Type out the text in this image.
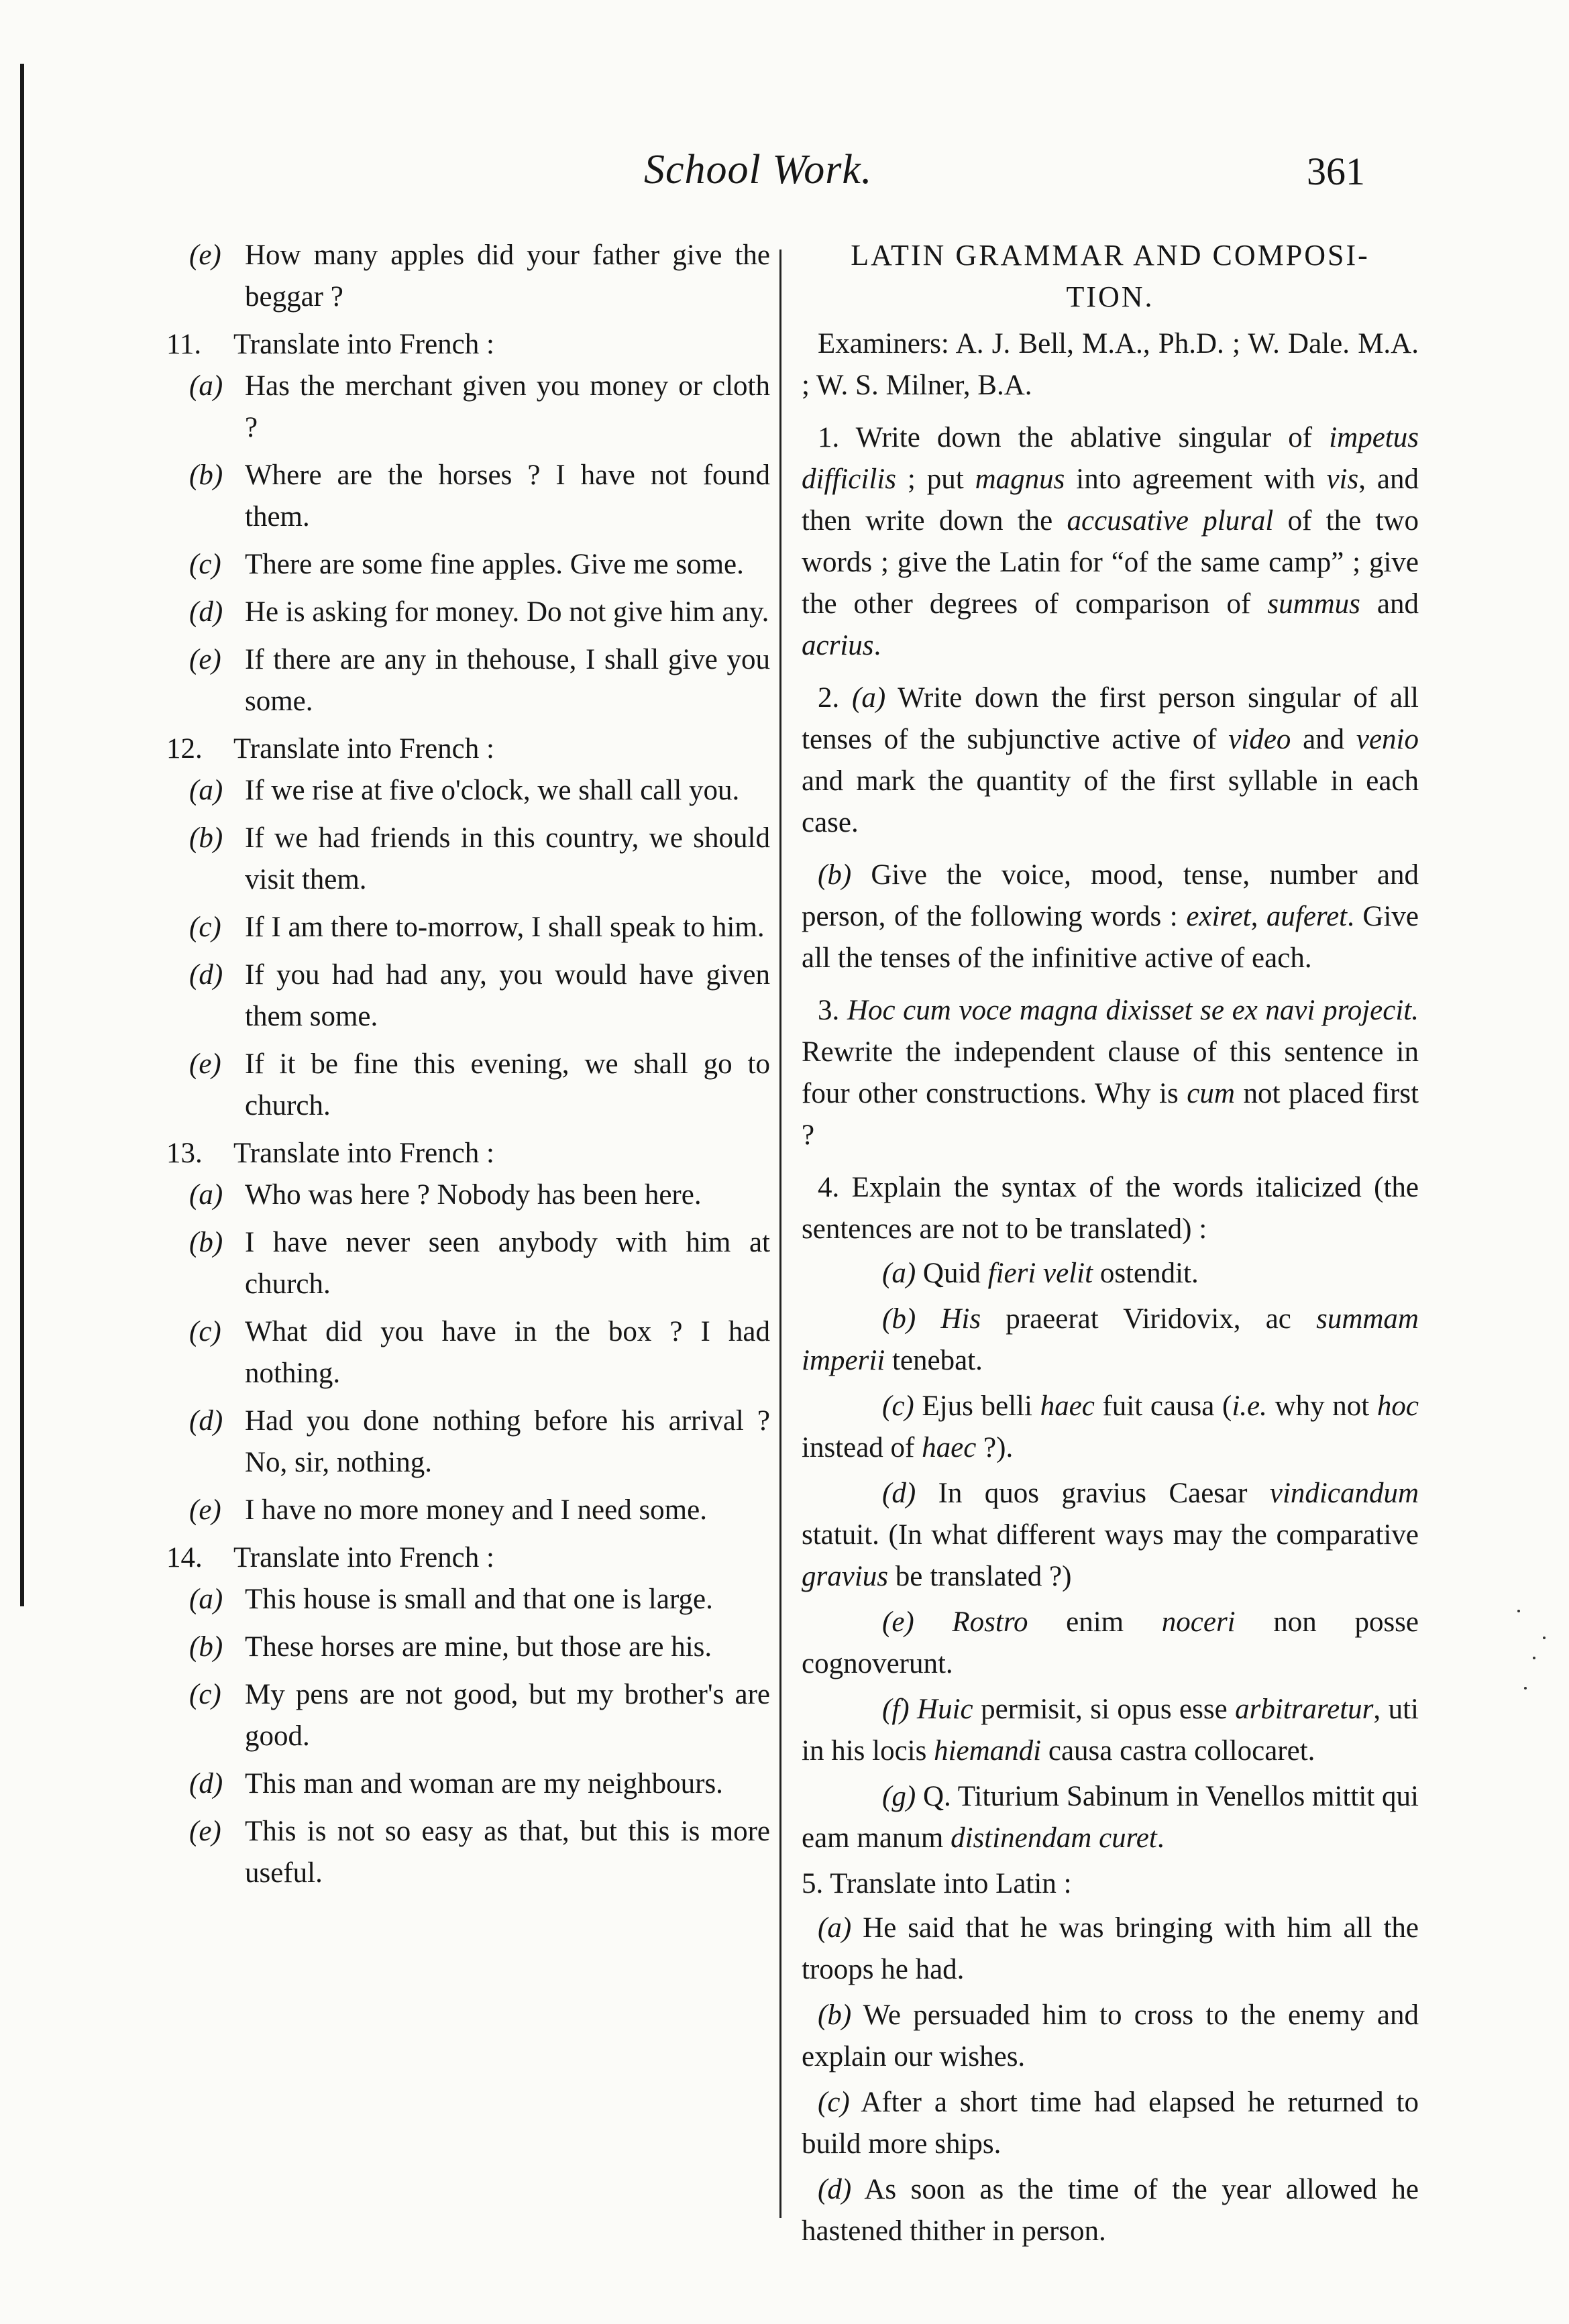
School Work.	361
(e) How many apples did your father give the beggar ?
11. Translate into French :
(a) Has the merchant given you money or cloth ?
(b) Where are the horses ? I have not found them.
(c) There are some fine apples. Give me some.
(d) He is asking for money. Do not give him any.
(e) If there are any in thehouse, I shall give you some.
12. Translate into French :
(a) If we rise at five o'clock, we shall call you.
(b) If we had friends in this country, we should visit them.
(c) If I am there to-morrow, I shall speak to him.
(d) If you had had any, you would have given them some.
(e) If it be fine this evening, we shall go to church.
13. Translate into French :
(a) Who was here ? Nobody has been here.
(b) I have never seen anybody with him at church.
(c) What did you have in the box ? I had nothing.
(d) Had you done nothing before his arrival ? No, sir, nothing.
(e) I have no more money and I need some.
14. Translate into French :
(a) This house is small and that one is large.
(b) These horses are mine, but those are his.
(c) My pens are not good, but my brother's are good.
(d) This man and woman are my neighbours.
(e) This is not so easy as that, but this is more useful.
LATIN GRAMMAR AND COMPOSI-
TION.
Examiners: A. J. Bell, M.A., Ph.D. ; W. Dale. M.A. ; W. S. Milner, B.A.
1. Write down the ablative singular of impetus difficilis ; put magnus into agreement with vis, and then write down the accusative plural of the two words ; give the Latin for “of the same camp” ; give the other degrees of comparison of summus and acrius.
2. (a) Write down the first person singular of all tenses of the subjunctive active of video and venio and mark the quantity of the first syllable in each case.
(b) Give the voice, mood, tense, number and person, of the following words : exiret, auferet. Give all the tenses of the infinitive active of each.
3. Hoc cum voce magna dixisset se ex navi projecit. Rewrite the independent clause of this sentence in four other constructions. Why is cum not placed first ?
4. Explain the syntax of the words italicized (the sentences are not to be translated) :
(a) Quid fieri velit ostendit.
(b) His praeerat Viridovix, ac summam imperii tenebat.
(c) Ejus belli haec fuit causa (i.e. why not hoc instead of haec ?).
(d) In quos gravius Caesar vindicandum statuit. (In what different ways may the comparative gravius be translated ?)
(e) Rostro enim noceri non posse cognoverunt.
(f) Huic permisit, si opus esse arbitraretur, uti in his locis hiemandi causa castra collocaret.
(g) Q. Titurium Sabinum in Venellos mittit qui eam manum distinendam curet.
5. Translate into Latin :
(a) He said that he was bringing with him all the troops he had.
(b) We persuaded him to cross to the enemy and explain our wishes.
(c) After a short time had elapsed he returned to build more ships.
(d) As soon as the time of the year allowed he hastened thither in person.
